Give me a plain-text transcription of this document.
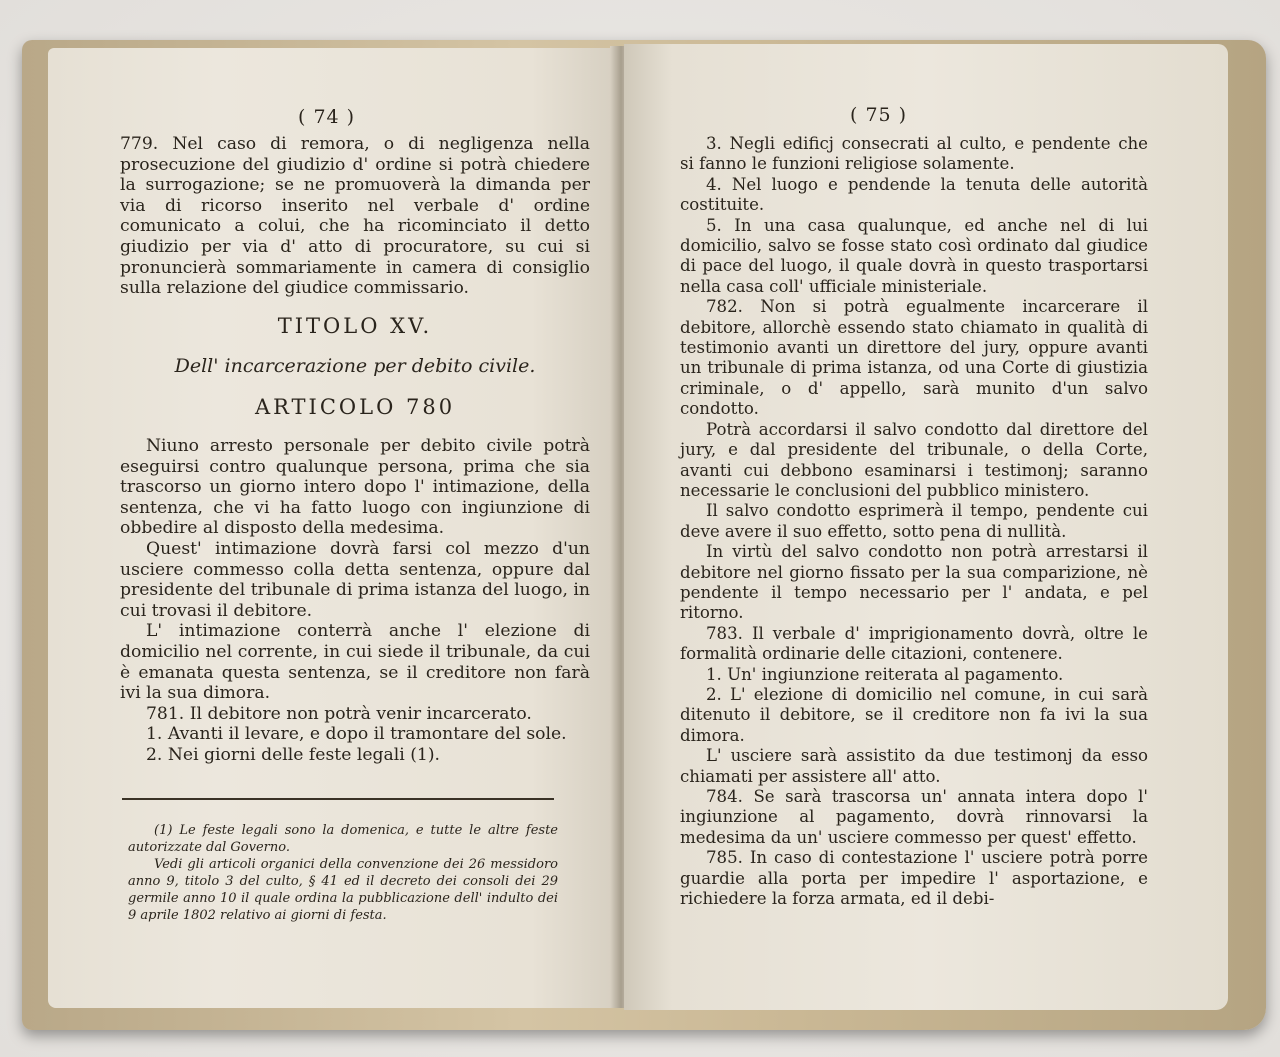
( 74 )

779. Nel caso di remora, o di negligenza nella prosecuzione del giudizio d' ordine si potrà chiedere la surrogazione; se ne promuoverà la dimanda per via di ricorso inserito nel verbale d' ordine comunicato a colui, che ha ricominciato il detto giudizio per via d' atto di procuratore, su cui si pronuncierà sommariamente in camera di consiglio sulla relazione del giudice commissario.

TITOLO XV.
Dell' incarcerazione per debito civile.
ARTICOLO 780

Niuno arresto personale per debito civile potrà eseguirsi contro qualunque persona, prima che sia trascorso un giorno intero dopo l' intimazione, della sentenza, che vi ha fatto luogo con ingiunzione di obbedire al disposto della medesima.

Quest' intimazione dovrà farsi col mezzo d'un usciere commesso colla detta sentenza, oppure dal presidente del tribunale di prima istanza del luogo, in cui trovasi il debitore.

L' intimazione conterrà anche l' elezione di domicilio nel corrente, in cui siede il tribunale, da cui è emanata questa sentenza, se il creditore non farà ivi la sua dimora.

781. Il debitore non potrà venir incarcerato.

1. Avanti il levare, e dopo il tramontare del sole.

2. Nei giorni delle feste legali (1).

(1) Le feste legali sono la domenica, e tutte le altre feste autorizzate dal Governo.

Vedi gli articoli organici della convenzione dei 26 messidoro anno 9, titolo 3 del culto, § 41 ed il decreto dei consoli dei 29 germile anno 10 il quale ordina la pubblicazione dell' indulto dei 9 aprile 1802 relativo ai giorni di festa.

( 75 )

3. Negli edificj consecrati al culto, e pendente che si fanno le funzioni religiose solamente.

4. Nel luogo e pendende la tenuta delle autorità costituite.

5. In una casa qualunque, ed anche nel di lui domicilio, salvo se fosse stato così ordinato dal giudice di pace del luogo, il quale dovrà in questo trasportarsi nella casa coll' ufficiale ministeriale.

782. Non si potrà egualmente incarcerare il debitore, allorchè essendo stato chiamato in qualità di testimonio avanti un direttore del jury, oppure avanti un tribunale di prima istanza, od una Corte di giustizia criminale, o d' appello, sarà munito d'un salvo condotto.

Potrà accordarsi il salvo condotto dal direttore del jury, e dal presidente del tribunale, o della Corte, avanti cui debbono esaminarsi i testimonj; saranno necessarie le conclusioni del pubblico ministero.

Il salvo condotto esprimerà il tempo, pendente cui deve avere il suo effetto, sotto pena di nullità.

In virtù del salvo condotto non potrà arrestarsi il debitore nel giorno fissato per la sua comparizione, nè pendente il tempo necessario per l' andata, e pel ritorno.

783. Il verbale d' imprigionamento dovrà, oltre le formalità ordinarie delle citazioni, contenere.

1. Un' ingiunzione reiterata al pagamento.

2. L' elezione di domicilio nel comune, in cui sarà ditenuto il debitore, se il creditore non fa ivi la sua dimora.

L' usciere sarà assistito da due testimonj da esso chiamati per assistere all' atto.

784. Se sarà trascorsa un' annata intera dopo l' ingiunzione al pagamento, dovrà rinnovarsi la medesima da un' usciere commesso per quest' effetto.

785. In caso di contestazione l' usciere potrà porre guardie alla porta per impedire l' asportazione, e richiedere la forza armata, ed il debi-
